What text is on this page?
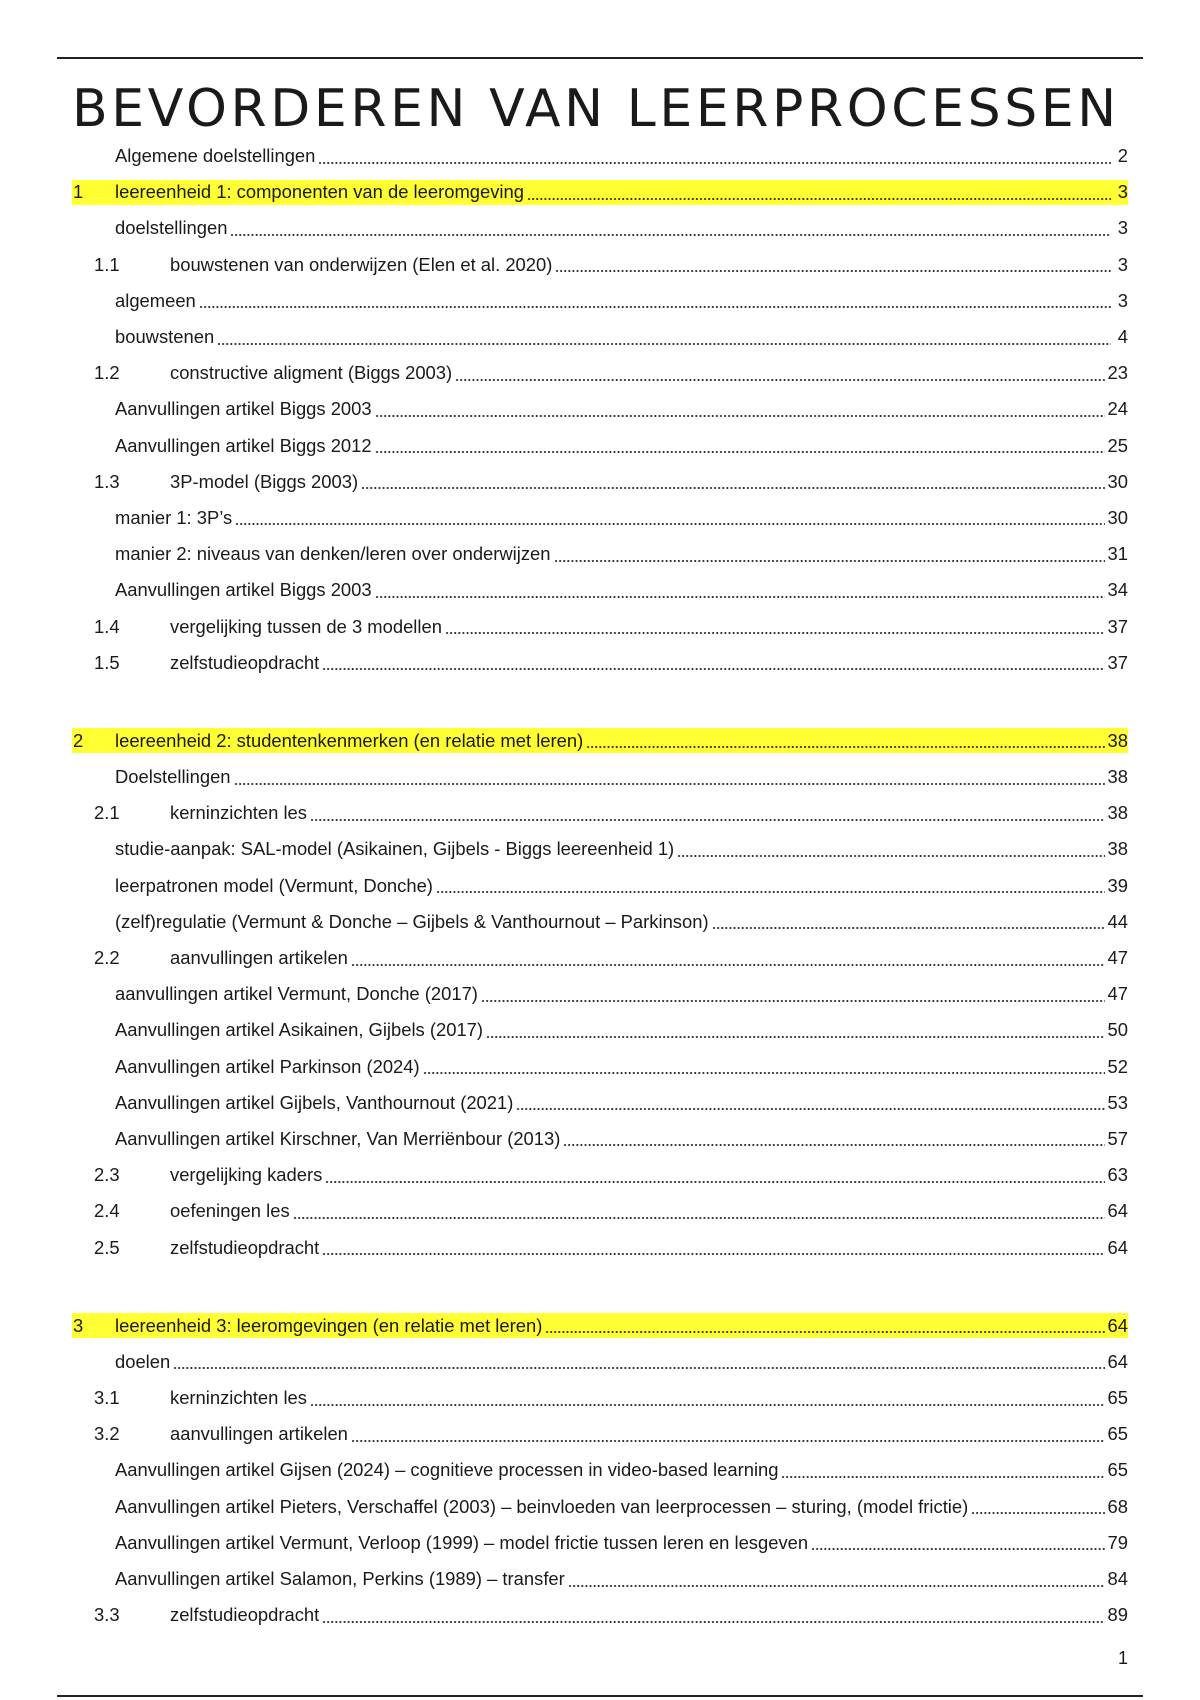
BEVORDEREN VAN LEERPROCESSEN
Algemene doelstellingen	2
1	leereenheid 1: componenten van de leeromgeving	3
doelstellingen	3
1.1	bouwstenen van onderwijzen (Elen et al. 2020)	3
algemeen	3
bouwstenen	4
1.2	constructive aligment (Biggs 2003)	23
Aanvullingen artikel Biggs 2003	24
Aanvullingen artikel Biggs 2012	25
1.3	3P-model (Biggs 2003)	30
manier 1: 3P’s	30
manier 2: niveaus van denken/leren over onderwijzen	31
Aanvullingen artikel Biggs 2003	34
1.4	vergelijking tussen de 3 modellen	37
1.5	zelfstudieopdracht	37
2	leereenheid 2: studentenkenmerken (en relatie met leren)	38
Doelstellingen	38
2.1	kerninzichten les	38
studie-aanpak: SAL-model (Asikainen, Gijbels - Biggs leereenheid 1)	38
leerpatronen model (Vermunt, Donche)	39
(zelf)regulatie (Vermunt & Donche – Gijbels & Vanthournout – Parkinson)	44
2.2	aanvullingen artikelen	47
aanvullingen artikel Vermunt, Donche (2017)	47
Aanvullingen artikel Asikainen, Gijbels (2017)	50
Aanvullingen artikel Parkinson (2024)	52
Aanvullingen artikel Gijbels, Vanthournout (2021)	53
Aanvullingen artikel Kirschner, Van Merriënbour (2013)	57
2.3	vergelijking kaders	63
2.4	oefeningen les	64
2.5	zelfstudieopdracht	64
3	leereenheid 3: leeromgevingen (en relatie met leren)	64
doelen	64
3.1	kerninzichten les	65
3.2	aanvullingen artikelen	65
Aanvullingen artikel Gijsen (2024) – cognitieve processen in video-based learning	65
Aanvullingen artikel Pieters, Verschaffel (2003) – beinvloeden van leerprocessen – sturing, (model frictie)	68
Aanvullingen artikel Vermunt, Verloop (1999) – model frictie tussen leren en lesgeven	79
Aanvullingen artikel Salamon, Perkins (1989) – transfer	84
3.3	zelfstudieopdracht	89
1
